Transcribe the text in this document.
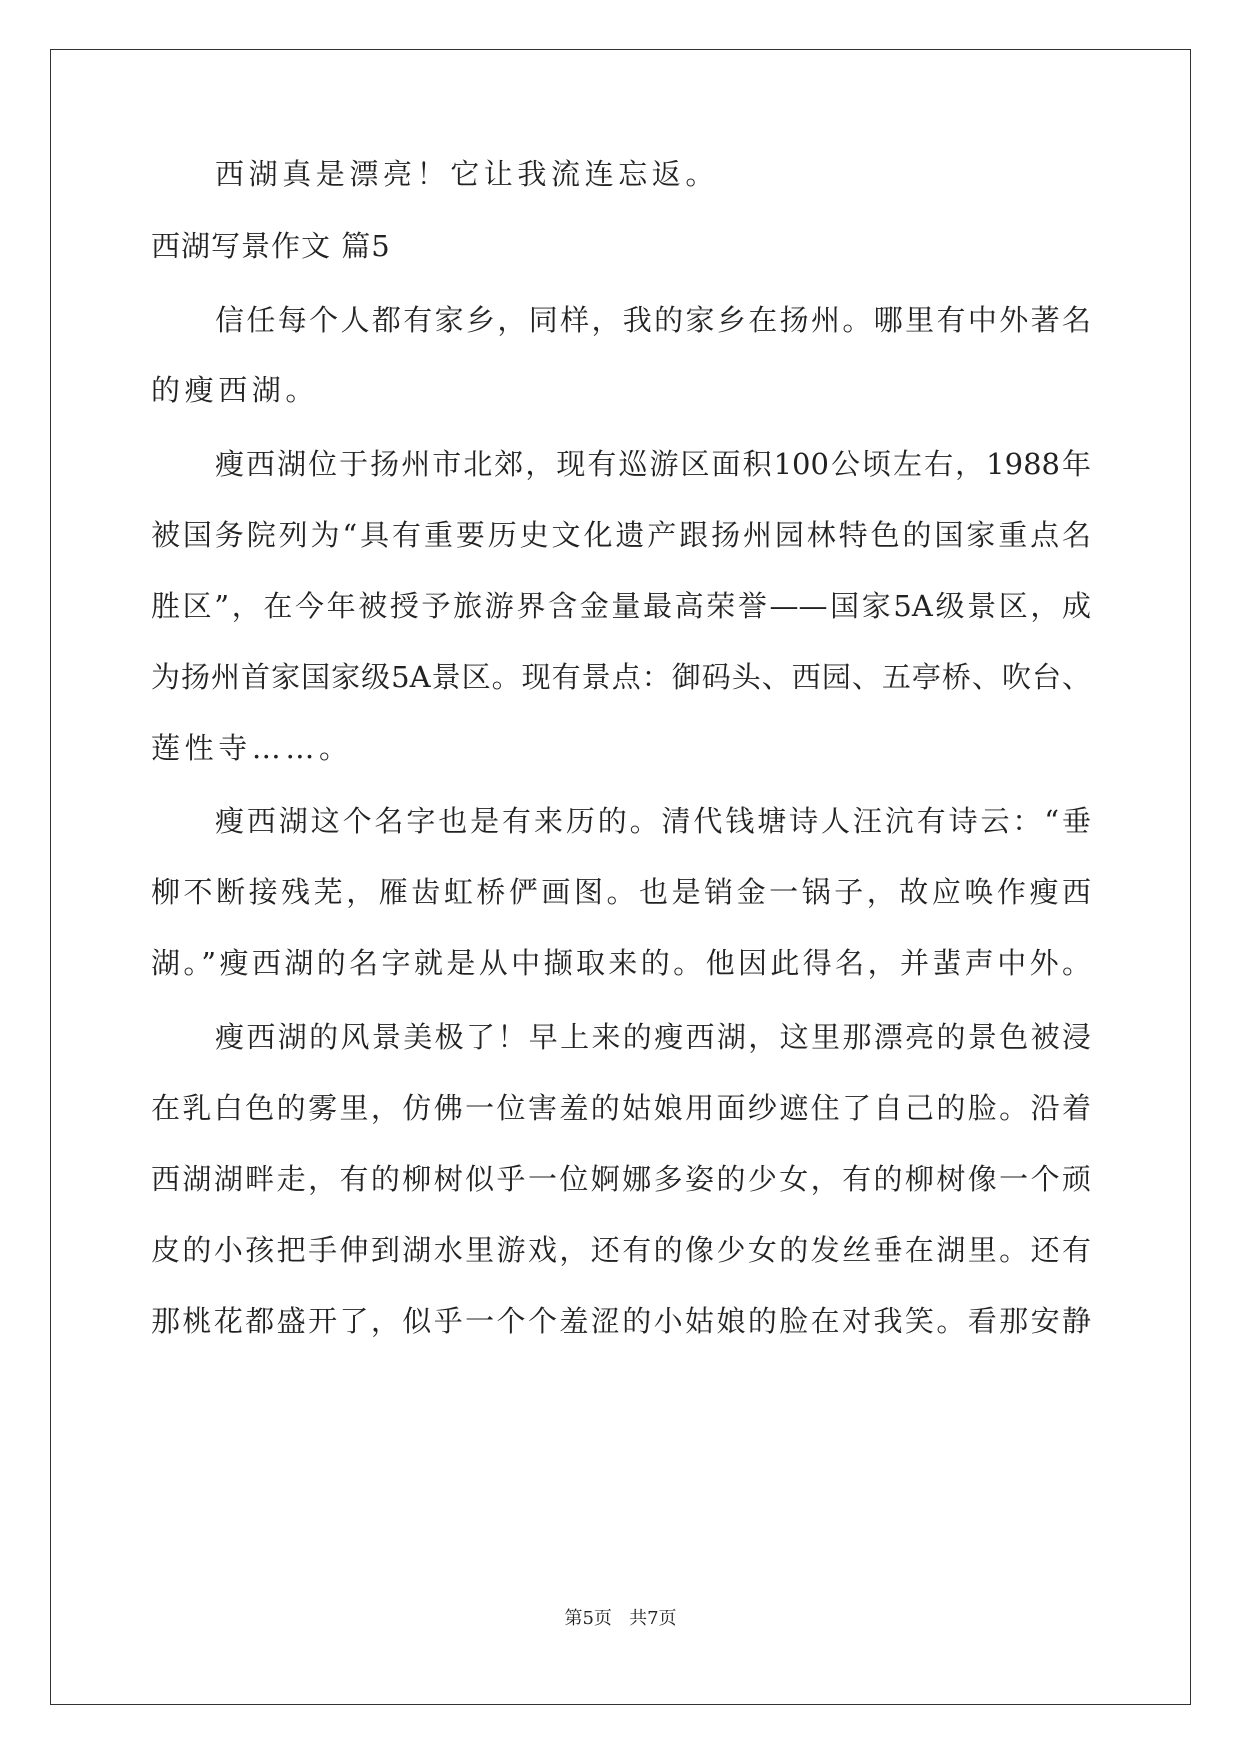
西湖真是漂亮！它让我流连忘返。
西湖写景作文 篇5
信任每个人都有家乡，同样，我的家乡在扬州。哪里有中外著名
的瘦西湖。
瘦西湖位于扬州市北郊，现有巡游区面积100公顷左右，1988年
被国务院列为“具有重要历史文化遗产跟扬州园林特色的国家重点名
胜区”，在今年被授予旅游界含金量最高荣誉——国家5A级景区，成
为扬州首家国家级5A景区。现有景点：御码头、西园、五亭桥、吹台、
莲性寺……。
瘦西湖这个名字也是有来历的。清代钱塘诗人汪沆有诗云：“垂
柳不断接残芜，雁齿虹桥俨画图。也是销金一锅子，故应唤作瘦西
湖。”瘦西湖的名字就是从中撷取来的。他因此得名，并蜚声中外。
瘦西湖的风景美极了！早上来的瘦西湖，这里那漂亮的景色被浸
在乳白色的雾里，仿佛一位害羞的姑娘用面纱遮住了自己的脸。沿着
西湖湖畔走，有的柳树似乎一位婀娜多姿的少女，有的柳树像一个顽
皮的小孩把手伸到湖水里游戏，还有的像少女的发丝垂在湖里。还有
那桃花都盛开了，似乎一个个羞涩的小姑娘的脸在对我笑。看那安静
第5页 共7页
